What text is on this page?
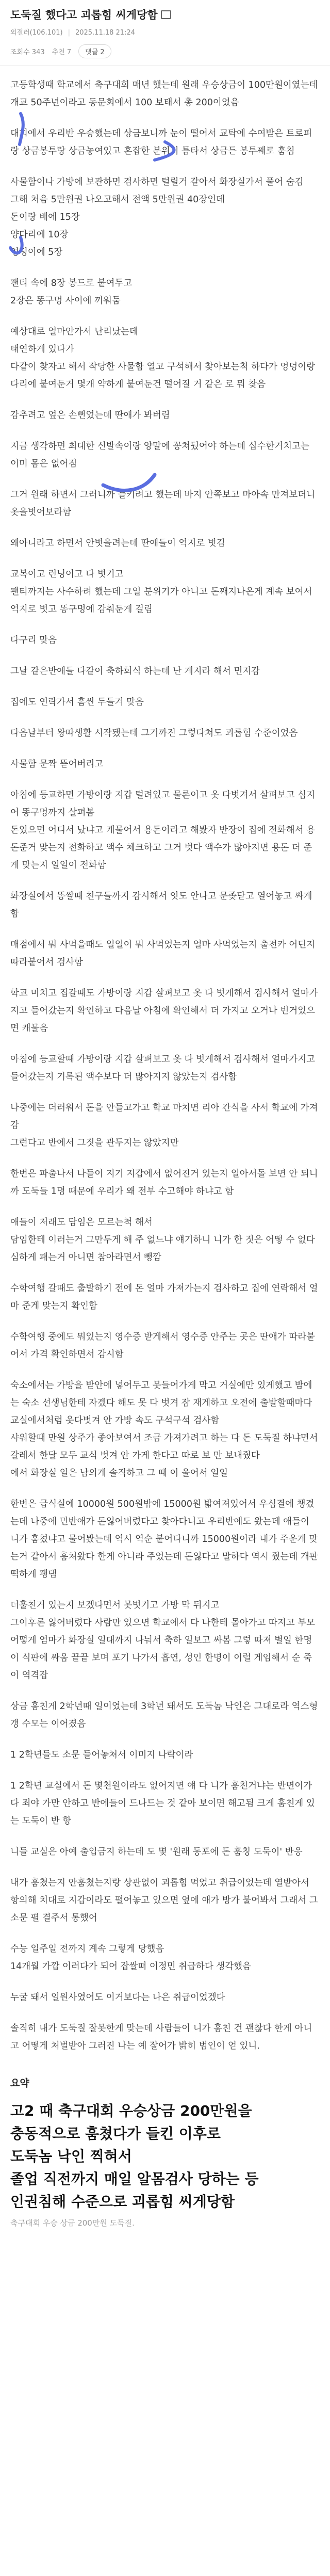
도둑질 했다고 괴롭힘 씨게당함
외결러(106.101) | 2025.11.18 21:24
조회수 343 추천 7	댓글 2

고등학생때 학교에서 축구대회 매년 했는데 원래 우승상금이 100만원이였는데 개교 50주년이라고 동문회에서 100 보태서 총 200이었음

대회에서 우리반 우승했는데 상금보니까 눈이 떨어서 교탁에 수여받은 트로피랑 상금봉투랑 상금놓여있고 혼잡한 분위기 틈타서 상금든 봉투째로 훔침

사물함이나 가방에 보관하면 검사하면 털릴거 같아서 화장실가서 풀어 숨김
그해 처음 5만원권 나오고해서 전액 5만원권 40장인데
돈이랑 배에 15장
양다리에 10장
엉덩이에 5장

팬티 속에 8장 봉드로 붙여두고
2장은 똥구멍 사이에 끼워둠

예상대로 얼마안가서 난리났는데
태연하게 있다가
다같이 찾자고 해서 작당한 사물함 열고 구석해서 찾아보는척 하다가 엉덩이랑 다리에 붙여둔거 몇개 약하게 붙여둔건 떨어질 거 같은 로 뭐 찾음

감추려고 엎은 손뻔었는데 딴애가 봐버림

지금 생각하면 최대한 신발속이랑 양말에 꽁쳐뒀어야 하는데 십수한거치고는 이미 몸은 없어짐

그거 원래 하면서 그러니까 들키려고 했는데 바지 안쪽보고 마아속 만져보더니 옷을벗어보라함

왜아니라고 하면서 안벗을려는데 딴애들이 억지로 벗김

교복이고 런닝이고 다 벗기고
팬티까지는 사수하려 했는데 그일 분위기가 아니고 돈째지나온게 계속 보여서 억지로 벗고 똥구멍에 감춰둔게 걸림

다구리 맞음

그날 같은반애들 다같이 축하회식 하는데 난 게지라 해서 먼저감

집에도 연락가서 흠씬 두들겨 맞음

다음날부터 왕따생활 시작됐는데 그거까진 그렇다쳐도 괴롭힘 수준이었음

사물함 문짝 뜯어버리고

아침에 등교하면 가방이랑 지갑 털려있고 물론이고 옷 다벗겨서 살펴보고 심지어 똥구멍까지 살펴봄
돈있으면 어디서 났냐고 캐물어서 용돈이라고 해봤자 반장이 집에 전화해서 용돈준거 맞는지 전화하고 액수 체크하고 그거 벗다 액수가 많아지면 용돈 더 준게 맞는지 일일이 전화함

화장실에서 똥쌀때 친구들까지 감시해서 잇도 안나고 문좆닫고 열어놓고 싸게 함

매점에서 뭐 사먹을때도 일일이 뭐 사먹었는지 얼마 사먹었는지 출전카 어딘지 따라붙어서 검사함

학교 미치고 집갈때도 가방이랑 지갑 살펴보고 옷 다 벗게해서 검사해서 얼마가지고 들어갔는지 확인하고 다음날 아침에 확인해서 더 가지고 오거나 빈거있으면 캐물음

아침에 등교할때 가방이랑 지갑 살펴보고 옷 다 벗게해서 검사해서 얼마가지고 들어갔는지 기록된 액수보다 더 많아지지 않았는지 검사함

나중에는 더러워서 돈을 안들고가고 학교 마치면 리아 간식을 사서 학교에 가져감
그런다고 반에서 그짓을 관두지는 않았지만

한번은 파출나서 나들이 지기 지갑에서 없어진거 있는지 일아서돌 보면 안 되니까 도둑들 1명 때문에 우리가 왜 전부 수고해야 하냐고 함

애들이 저래도 담임은 모르는척 해서
담임한테 이러는거 그만두게 해 주 없느냐 얘기하니 니가 한 짓은 어떻 수 없다 심하게 패는거 아니면 참아라면서 뺑깜

수학여행 갈때도 출발하기 전에 돈 얼마 가져가는지 검사하고 집에 연락해서 얼마 준게 맞는지 확인함

수학여행 중에도 뭐있는지 영수증 받게해서 영수증 안주는 곳은 딴애가 따라붙어서 가격 확인하면서 감시함

숙소에서는 가방을 받안에 넣어두고 못들어가게 막고 거실에만 있게했고 밤에는 숙소 선생님한테 자겠다 해도 못 다 벗겨 잠 재게하고 오전에 출발할때마다 교실에서처럼 옷다벗겨 안 가방 속도 구석구석 검사함
샤워할때 만원 상주가 좋아보여서 조금 가져가려고 하는 다 돈 도둑질 하냐면서 갈레서 한달 모두 교식 벗겨 안 가게 한다고 따로 보 만 보내줬다
에서 화장실 일은 남의게 솔직하고 그 때 이 울어서 일일

한번은 급식실에 10000원 500원밖에 15000원 밟여져있어서 우심결에 챙겼는데 나중에 민반애가 돈잃어버렸다고 찾아다니고 우리반에도 왔는데 애들이 니가 훔쳤냐고 물어봤는데 역시 역순 붙어다니까 15000원이라 내가 주운게 맞는거 같아서 훔쳐왔다 한게 아니라 주었는데 돈잃다고 말하다 역시 줬는데 개판 떡하게 팽댐

더훌친거 있는지 보겠다면서 못벗기고 가방 막 뒤지고
그이후론 잃어버렸다 사람만 있으면 학교에서 다 나한테 몰아가고 따지고 부모 어떻게 엄마가 화장실 일대까지 나눠서 축하 일보고 싸봄 그렇 따져 별일 한명이 식판에 싸움 끝끝 보며 포기 나가서 흡연, 성인 한명이 이럴 게임해서 순 죽이 역격잡

상금 훔친게 2학년때 일이였는데 3학년 돼서도 도둑놈 낙인은 그대로라 역스형갱 수모는 이어졌음

1 2학년들도 소문 들어놓쳐서 이미지 나락이라

1 2학년 교실에서 돈 몇천원이라도 없어지면 얘 다 니가 훔친거냐는 반면이가 다 죄야 가만 안하고 반에들이 드나드는 것 같아 보이면 해고됨 크게 훔친게 있는 도둑이 반 항

니들 교실은 아예 출입금지 하는데 도 몇 '원래 동포에 돈 훔칭 도둑이' 반응

내가 훔쳤는지 안훔쳤는지랑 상관없이 괴롭힘 먹었고 취급이었는데 열받아서 항의해 치대로 지갑이라도 펼어놓고 있으면 옆에 애가 방가 불어봐서 그래서 그 소문 펼 결주서 통했어

수능 일주일 전까지 계속 그렇게 당했음
14개월 가깝 이러다가 되어 잡쌀떠 이정민 취급하다 생각했음

누굴 돼서 일원사였어도 이거보다는 나은 취급이었겠다

솔직히 내가 도둑질 잘못한게 맞는데 사람들이 니가 훔친 건 괜찮다 한게 아니고 어떻게 처벌받아 그러진 나는 예 잘어가 밝히 범인이 얻 있니.

요약
고2 때 축구대회 우승상금 200만원을
충동적으로 훔쳤다가 들킨 이후로
도둑놈 낙인 찍혀서
졸업 직전까지 매일 알몸검사 당하는 등
인권침해 수준으로 괴롭힘 씨게당함
축구대회 우승 상금 200만원 도둑질.
